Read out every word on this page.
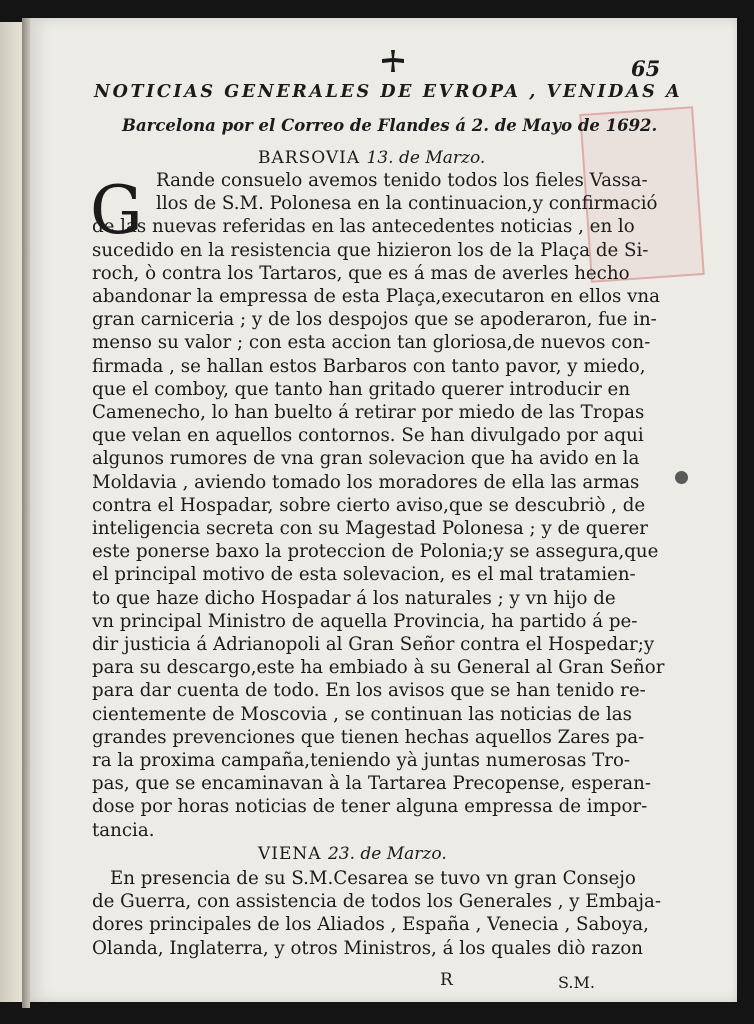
65
NOTICIAS GENERALES DE EVROPA , VENIDAS A
Barcelona por el Correo de Flandes á 2. de Mayo de 1692.
BARSOVIA 13. de Marzo.
G Rande consuelo avemos tenido todos los fieles Vassa-
llos de S.M. Polonesa en la continuacion,y confirmació
de las nuevas referidas en las antecedentes noticias , en lo
sucedido en la resistencia que hizieron los de la Plaça de Si-
roch, ò contra los Tartaros, que es á mas de averles hecho
abandonar la empressa de esta Plaça,executaron en ellos vna
gran carniceria ; y de los despojos que se apoderaron, fue in-
menso su valor ; con esta accion tan gloriosa,de nuevos con-
firmada , se hallan estos Barbaros con tanto pavor, y miedo,
que el comboy, que tanto han gritado querer introducir en
Camenecho, lo han buelto á retirar por miedo de las Tropas
que velan en aquellos contornos. Se han divulgado por aqui
algunos rumores de vna gran solevacion que ha avido en la
Moldavia , aviendo tomado los moradores de ella las armas
contra el Hospadar, sobre cierto aviso,que se descubriò , de
inteligencia secreta con su Magestad Polonesa ; y de querer
este ponerse baxo la proteccion de Polonia;y se assegura,que
el principal motivo de esta solevacion, es el mal tratamien-
to que haze dicho Hospadar á los naturales ; y vn hijo de
vn principal Ministro de aquella Provincia, ha partido á pe-
dir justicia á Adrianopoli al Gran Señor contra el Hospedar;y
para su descargo,este ha embiado à su General al Gran Señor
para dar cuenta de todo. En los avisos que se han tenido re-
cientemente de Moscovia , se continuan las noticias de las
grandes prevenciones que tienen hechas aquellos Zares pa-
ra la proxima campaña,teniendo yà juntas numerosas Tro-
pas, que se encaminavan à la Tartarea Precopense, esperan-
dose por horas noticias de tener alguna empressa de impor-
tancia.
VIENA 23. de Marzo.
En presencia de su S.M.Cesarea se tuvo vn gran Consejo
de Guerra, con assistencia de todos los Generales , y Embaja-
dores principales de los Aliados , España , Venecia , Saboya,
Olanda, Inglaterra, y otros Ministros, á los quales diò razon
R	S.M.
